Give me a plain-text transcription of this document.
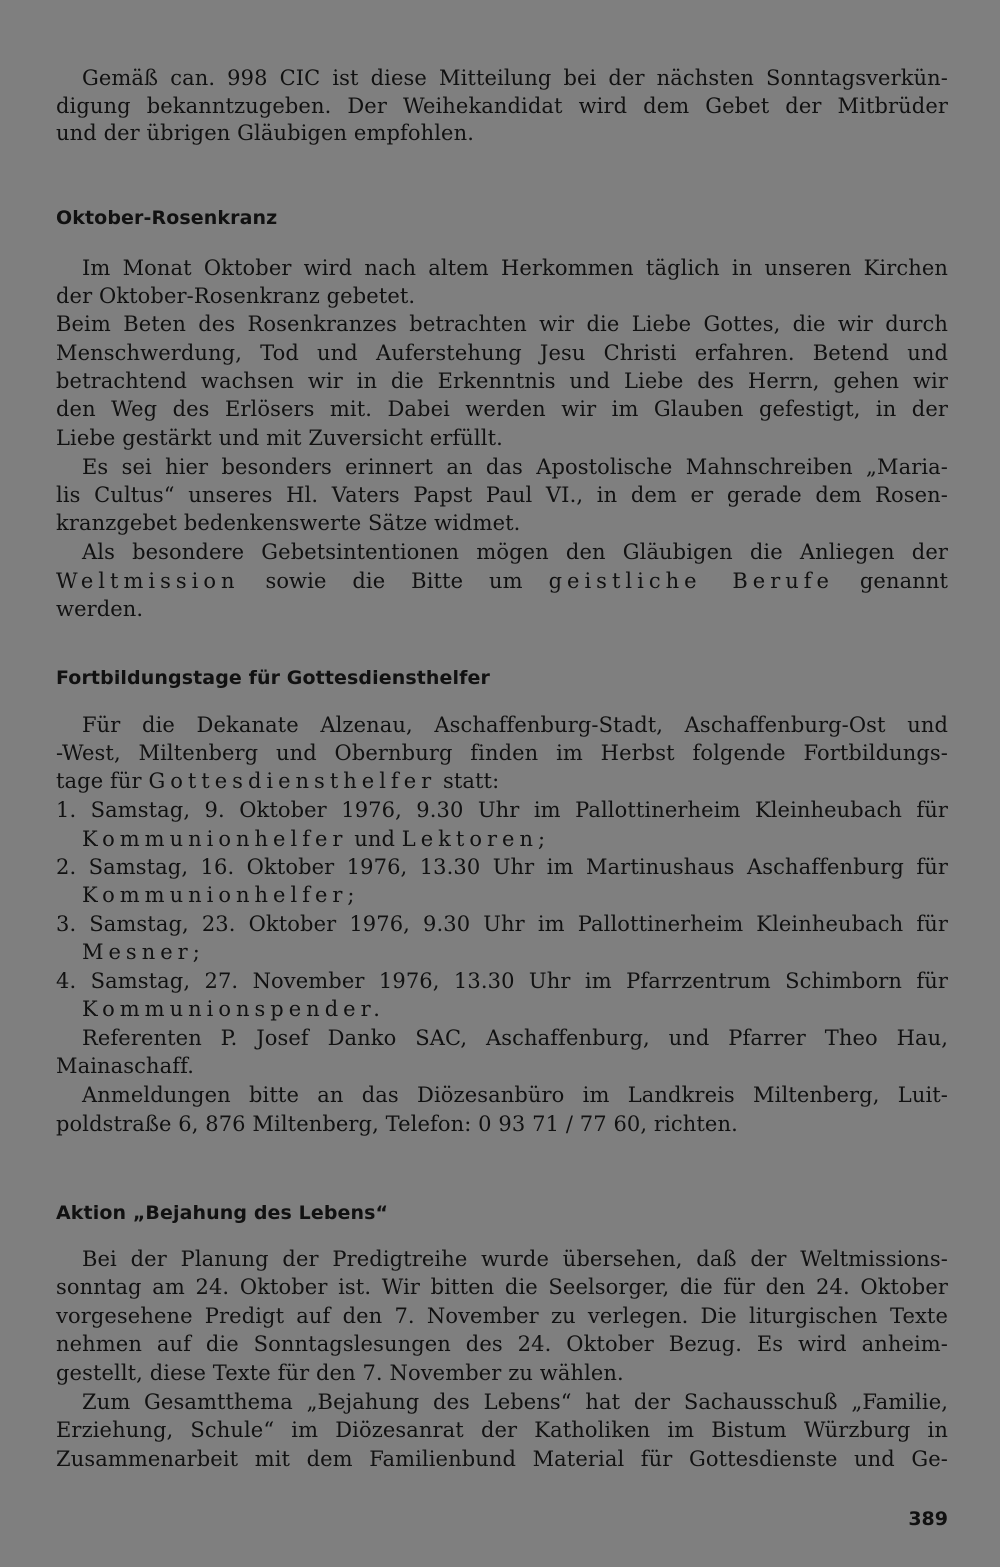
Gemäß can. 998 CIC ist diese Mitteilung bei der nächsten Sonntagsverkün-
digung bekanntzugeben. Der Weihekandidat wird dem Gebet der Mitbrüder
und der übrigen Gläubigen empfohlen.
Oktober-Rosenkranz
Im Monat Oktober wird nach altem Herkommen täglich in unseren Kirchen
der Oktober-Rosenkranz gebetet.
Beim Beten des Rosenkranzes betrachten wir die Liebe Gottes, die wir durch
Menschwerdung, Tod und Auferstehung Jesu Christi erfahren. Betend und
betrachtend wachsen wir in die Erkenntnis und Liebe des Herrn, gehen wir
den Weg des Erlösers mit. Dabei werden wir im Glauben gefestigt, in der
Liebe gestärkt und mit Zuversicht erfüllt.
Es sei hier besonders erinnert an das Apostolische Mahnschreiben „Maria-
lis Cultus“ unseres Hl. Vaters Papst Paul VI., in dem er gerade dem Rosen-
kranzgebet bedenkenswerte Sätze widmet.
Als besondere Gebetsintentionen mögen den Gläubigen die Anliegen der
Weltmission sowie die Bitte um geistliche Berufe genannt
werden.
Fortbildungstage für Gottesdiensthelfer
Für die Dekanate Alzenau, Aschaffenburg-Stadt, Aschaffenburg-Ost und
-West, Miltenberg und Obernburg finden im Herbst folgende Fortbildungs-
tage für Gottesdiensthelfer statt:
1. Samstag, 9. Oktober 1976, 9.30 Uhr im Pallottinerheim Kleinheubach für
Kommunionhelfer und Lektoren;
2. Samstag, 16. Oktober 1976, 13.30 Uhr im Martinushaus Aschaffenburg für
Kommunionhelfer;
3. Samstag, 23. Oktober 1976, 9.30 Uhr im Pallottinerheim Kleinheubach für
Mesner;
4. Samstag, 27. November 1976, 13.30 Uhr im Pfarrzentrum Schimborn für
Kommunionspender.
Referenten P. Josef Danko SAC, Aschaffenburg, und Pfarrer Theo Hau,
Mainaschaff.
Anmeldungen bitte an das Diözesanbüro im Landkreis Miltenberg, Luit-
poldstraße 6, 876 Miltenberg, Telefon: 0 93 71 / 77 60, richten.
Aktion „Bejahung des Lebens“
Bei der Planung der Predigtreihe wurde übersehen, daß der Weltmissions-
sonntag am 24. Oktober ist. Wir bitten die Seelsorger, die für den 24. Oktober
vorgesehene Predigt auf den 7. November zu verlegen. Die liturgischen Texte
nehmen auf die Sonntagslesungen des 24. Oktober Bezug. Es wird anheim-
gestellt, diese Texte für den 7. November zu wählen.
Zum Gesamtthema „Bejahung des Lebens“ hat der Sachausschuß „Familie,
Erziehung, Schule“ im Diözesanrat der Katholiken im Bistum Würzburg in
Zusammenarbeit mit dem Familienbund Material für Gottesdienste und Ge-
389
